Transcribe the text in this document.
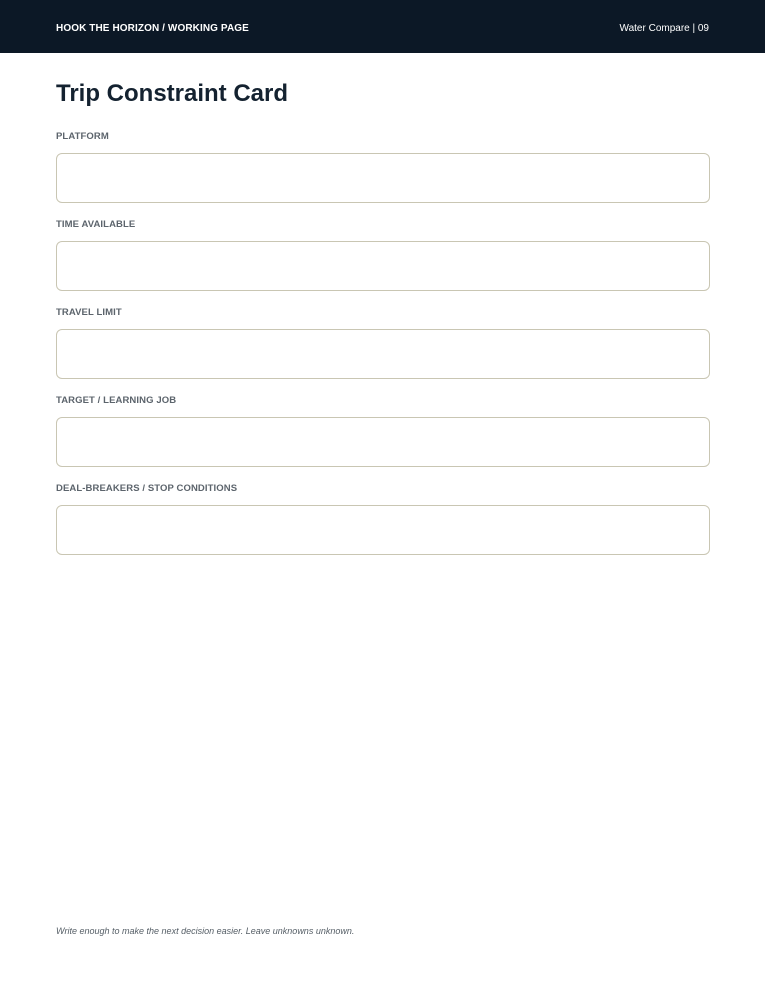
HOOK THE HORIZON / WORKING PAGE	Water Compare | 09
Trip Constraint Card
PLATFORM
TIME AVAILABLE
TRAVEL LIMIT
TARGET / LEARNING JOB
DEAL-BREAKERS / STOP CONDITIONS
Write enough to make the next decision easier. Leave unknowns unknown.
